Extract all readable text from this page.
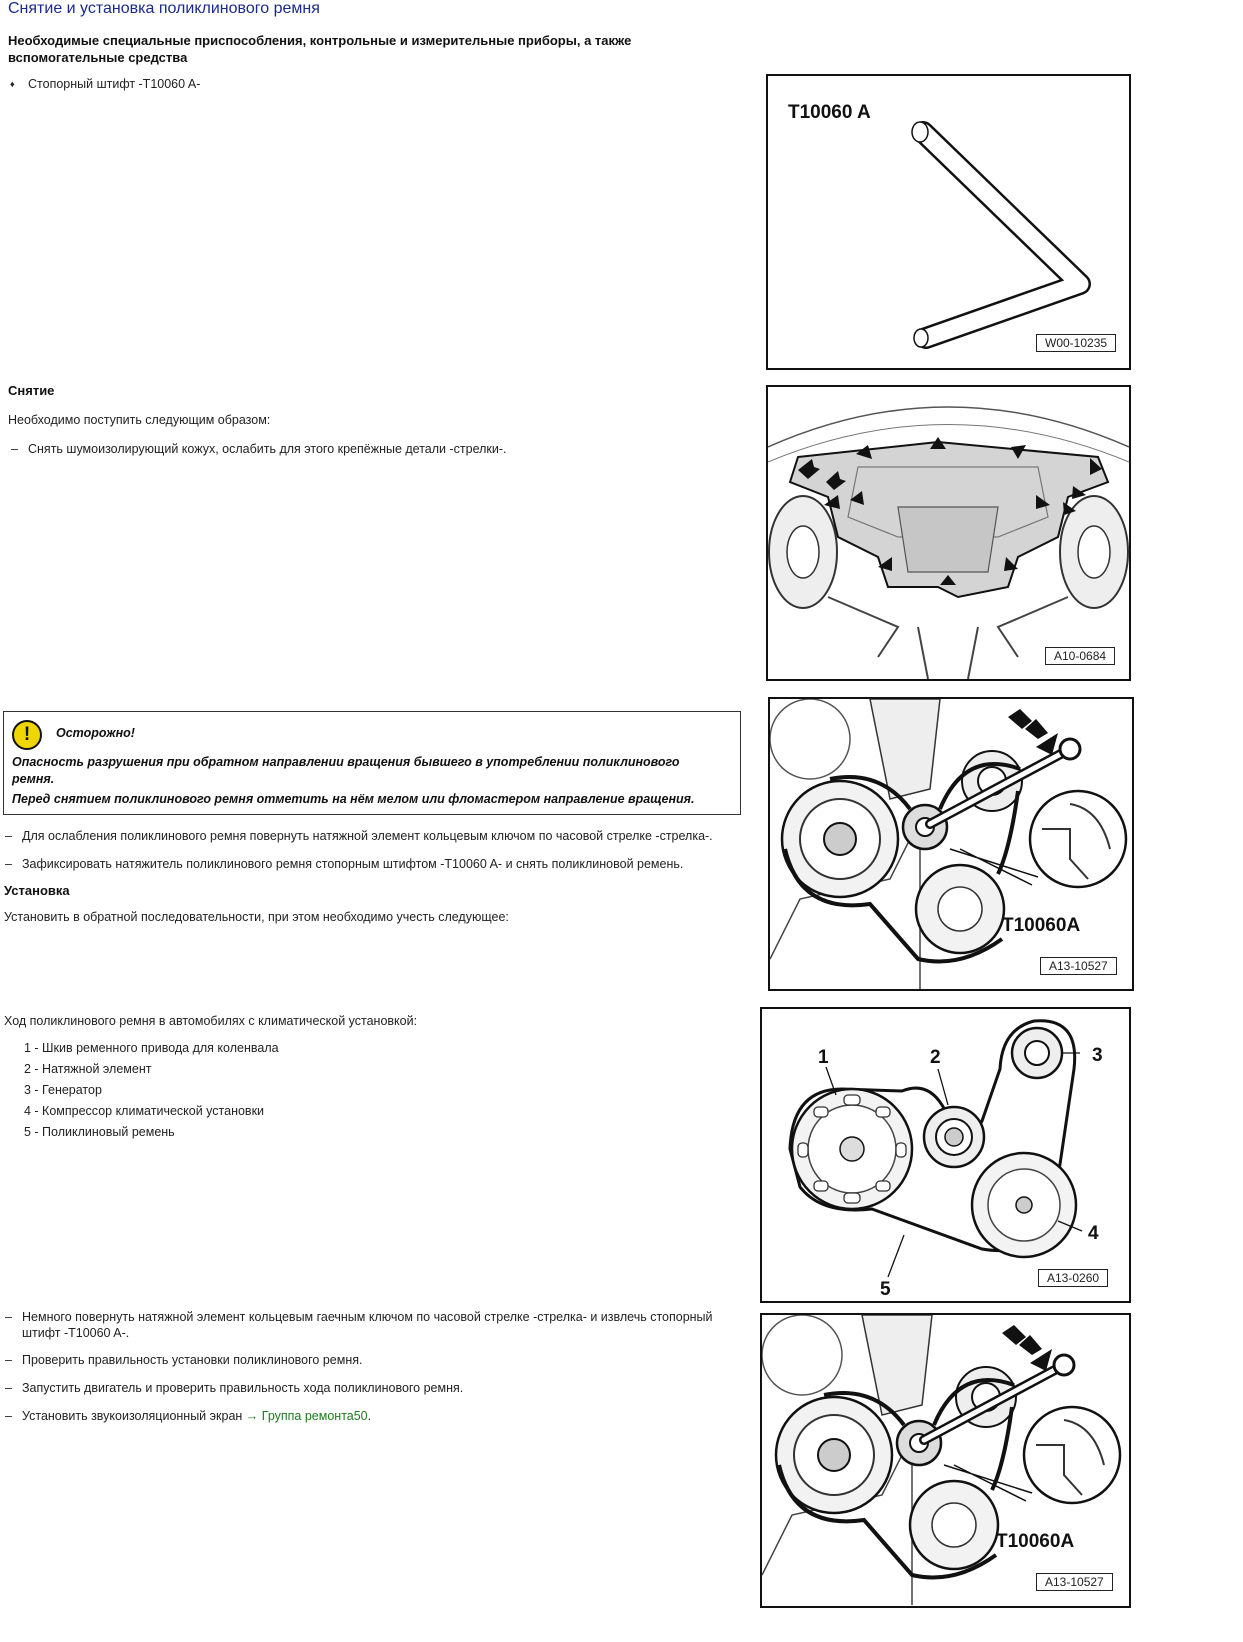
Снятие и установка поликлинового ремня
Необходимые специальные приспособления, контрольные и измерительные приборы, а также вспомогательные средства
♦ Стопорный штифт -T10060 A-
T10060 A
W00-10235
Снятие
Необходимо поступить следующим образом:
– Снять шумоизолирующий кожух, ослабить для этого крепёжные детали -стрелки-.
A10-0684
!	Осторожно!
Опасность разрушения при обратном направлении вращения бывшего в употреблении поликлинового ремня.
Перед снятием поликлинового ремня отметить на нём мелом или фломастером направление вращения.
– Для ослабления поликлинового ремня повернуть натяжной элемент кольцевым ключом по часовой стрелке -стрелка-.
– Зафиксировать натяжитель поликлинового ремня стопорным штифтом -T10060 A- и снять поликлиновой ремень.
Установка
Установить в обратной последовательности, при этом необходимо учесть следующее:	T10060A
A13-10527
Ход поликлинового ремня в автомобилях с климатической установкой:
1 - Шкив ременного привода для коленвала
2 - Натяжной элемент
3 - Генератор
4 - Компрессор климатической установки
5 - Поликлиновый ремень
1	2	3
4
5
A13-0260
– Немного повернуть натяжной элемент кольцевым гаечным ключом по часовой стрелке -стрелка- и извлечь стопорный
штифт -T10060 A-.
– Проверить правильность установки поликлинового ремня.
– Запустить двигатель и проверить правильность хода поликлинового ремня.
– Установить звукоизоляционный экран → Группа ремонта50.
T10060A
A13-10527
